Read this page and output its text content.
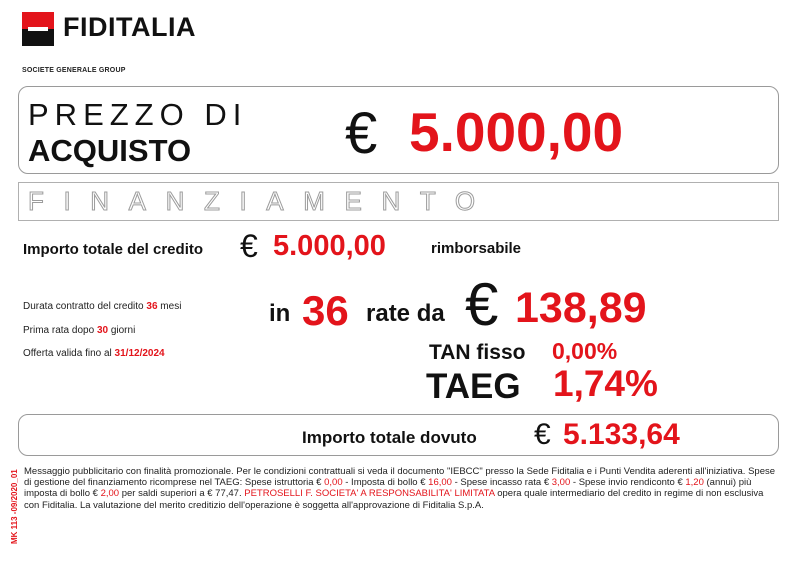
FIDITALIA
SOCIETE GENERALE GROUP
PREZZO DI
ACQUISTO	€ 5.000,00
FINANZIAMENTO
Importo totale del credito € 5.000,00	rimborsabile
Durata contratto del credito 36 mesi
Prima rata dopo 30 giorni
Offerta valida fino al 31/12/2024
in 36 rate da € 138,89
TAN fisso 0,00%
TAEG 1,74%
Importo totale dovuto € 5.133,64
MK 113 -09/2020_01 Messaggio pubblicitario con finalità promozionale. Per le condizioni contrattuali si veda il documento "IEBCC" presso la Sede Fiditalia e i Punti Vendita aderenti all'iniziativa. Spese di gestione del finanziamento ricomprese nel TAEG: Spese istruttoria € 0,00 - Imposta di bollo € 16,00 - Spese incasso rata € 3,00 - Spese invio rendiconto € 1,20 (annui) più imposta di bollo € 2,00 per saldi superiori a € 77,47. PETROSELLI F. SOCIETA' A RESPONSABILITA' LIMITATA opera quale intermediario del credito in regime di non esclusiva con Fiditalia. La valutazione del merito creditizio dell'operazione è soggetta all'approvazione di Fiditalia S.p.A.
